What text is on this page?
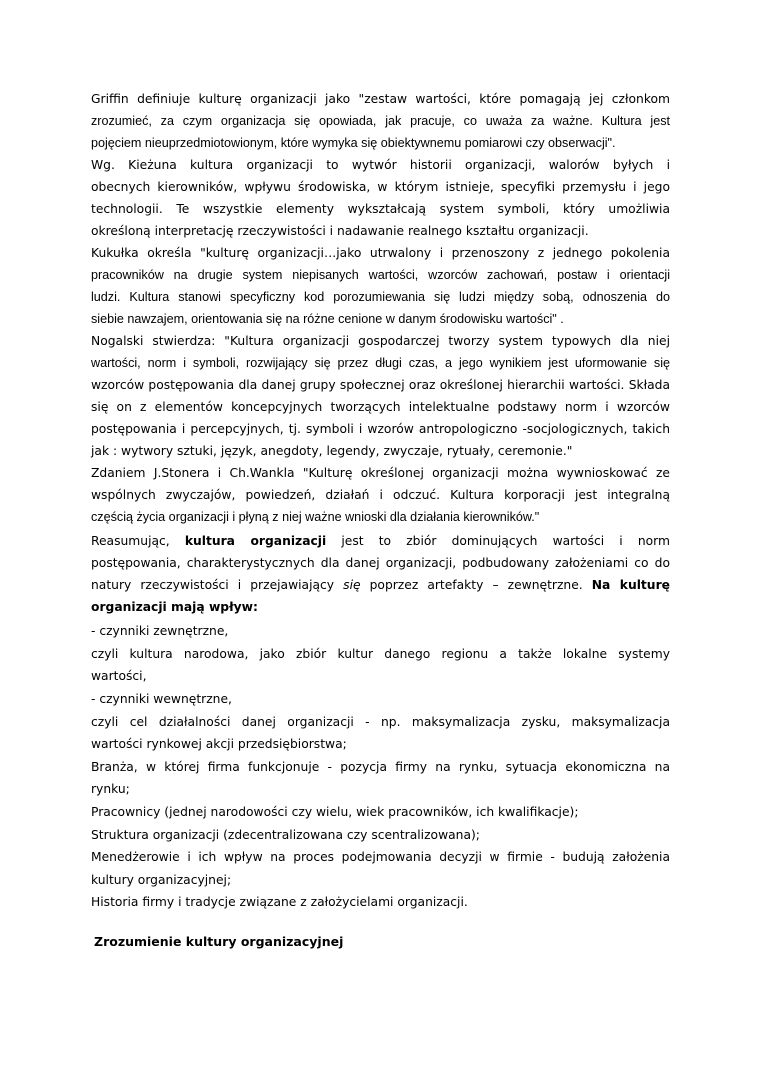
Griffin definiuje kulturę organizacji jako "zestaw wartości, które pomagają jej członkom
zrozumieć, za czym organizacja się opowiada, jak pracuje, co uważa za ważne. Kultura jest
pojęciem nieuprzedmiotowionym, które wymyka się obiektywnemu pomiarowi czy obserwacji".
Wg. Kieżuna kultura organizacji to wytwór historii organizacji, walorów byłych i
obecnych kierowników, wpływu środowiska, w którym istnieje, specyfiki przemysłu i jego
technologii. Te wszystkie elementy wykształcają system symboli, który umożliwia
określoną interpretację rzeczywistości i nadawanie realnego kształtu organizacji.
Kukułka określa "kulturę organizacji…jako utrwalony i przenoszony z jednego pokolenia
pracowników na drugie system niepisanych wartości, wzorców zachowań, postaw i orientacji
ludzi. Kultura stanowi specyficzny kod porozumiewania się ludzi między sobą, odnoszenia do
siebie nawzajem, orientowania się na różne cenione w danym środowisku wartości" .
Nogalski stwierdza: "Kultura organizacji gospodarczej tworzy system typowych dla niej
wartości, norm i symboli, rozwijający się przez długi czas, a jego wynikiem jest uformowanie się
wzorców postępowania dla danej grupy społecznej oraz określonej hierarchii wartości. Składa
się on z elementów koncepcyjnych tworzących intelektualne podstawy norm i wzorców
postępowania i percepcyjnych, tj. symboli i wzorów antropologiczno -socjologicznych, takich
jak : wytwory sztuki, język, anegdoty, legendy, zwyczaje, rytuały, ceremonie."
Zdaniem J.Stonera i Ch.Wankla "Kulturę określonej organizacji można wywnioskować ze
wspólnych zwyczajów, powiedzeń, działań i odczuć. Kultura korporacji jest integralną
częścią życia organizacji i płyną z niej ważne wnioski dla działania kierowników."
Reasumując, kultura organizacji jest to zbiór dominujących wartości i norm
postępowania, charakterystycznych dla danej organizacji, podbudowany założeniami co do
natury rzeczywistości i przejawiający się poprzez artefakty – zewnętrzne. Na kulturę
organizacji mają wpływ:
- czynniki zewnętrzne,
czyli kultura narodowa, jako zbiór kultur danego regionu a także lokalne systemy
wartości,
- czynniki wewnętrzne,
czyli cel działalności danej organizacji - np. maksymalizacja zysku, maksymalizacja
wartości rynkowej akcji przedsiębiorstwa;
Branża, w której firma funkcjonuje - pozycja firmy na rynku, sytuacja ekonomiczna na
rynku;
Pracownicy (jednej narodowości czy wielu, wiek pracowników, ich kwalifikacje);
Struktura organizacji (zdecentralizowana czy scentralizowana);
Menedżerowie i ich wpływ na proces podejmowania decyzji w firmie - budują założenia
kultury organizacyjnej;
Historia firmy i tradycje związane z założycielami organizacji.
Zrozumienie kultury organizacyjnej
